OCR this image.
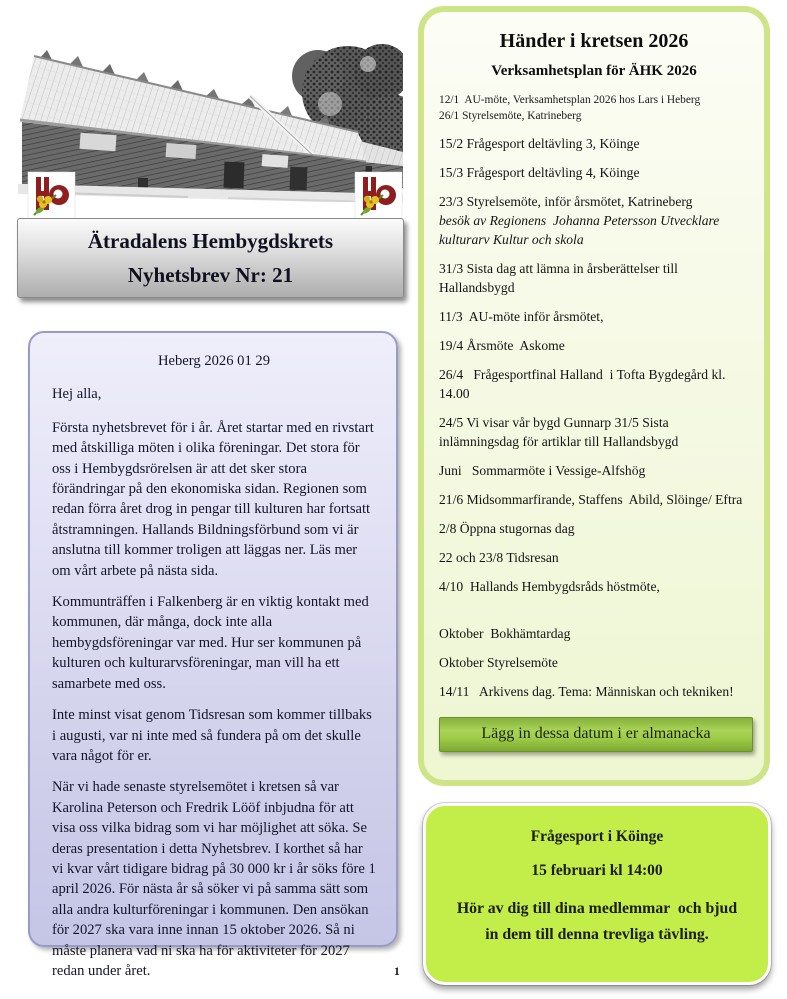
Ätradalens Hembygdskrets
Nyhetsbrev Nr: 21
Heberg 2026 01 29
Hej alla,
Första nyhetsbrevet för i år. Året startar med en rivstart med åtskilliga möten i olika föreningar. Det stora för oss i Hembygdsrörelsen är att det sker stora förändringar på den ekonomiska sidan. Regionen som redan förra året drog in pengar till kulturen har fortsatt åtstramningen. Hallands Bildningsförbund som vi är anslutna till kommer troligen att läggas ner. Läs mer om vårt arbete på nästa sida.
Kommunträffen i Falkenberg är en viktig kontakt med kommunen, där många, dock inte alla hembygdsföreningar var med. Hur ser kommunen på kulturen och kulturarvsföreningar, man vill ha ett samarbete med oss.
Inte minst visat genom Tidsresan som kommer tillbaks i augusti, var ni inte med så fundera på om det skulle vara något för er.
När vi hade senaste styrelsemötet i kretsen så var Karolina Peterson och Fredrik Lööf inbjudna för att visa oss vilka bidrag som vi har möjlighet att söka. Se deras presentation i detta Nyhetsbrev. I korthet så har vi kvar vårt tidigare bidrag på 30 000 kr i år söks före 1 april 2026. För nästa år så söker vi på samma sätt som alla andra kulturföreningar i kommunen. Den ansökan för 2027 ska vara inne innan 15 oktober 2026. Så ni måste planera vad ni ska ha för aktiviteter för 2027 redan under året.
Händer i kretsen 2026
Verksamhetsplan för ÄHK 2026
12/1  AU-möte, Verksamhetsplan 2026 hos Lars i Heberg
26/1 Styrelsemöte, Katrineberg
15/2 Frågesport deltävling 3, Köinge
15/3 Frågesport deltävling 4, Köinge
23/3 Styrelsemöte, inför årsmötet, Katrineberg
besök av Regionens  Johanna Petersson Utvecklare kulturarv Kultur och skola
31/3 Sista dag att lämna in årsberättelser till Hallandsbygd
11/3  AU-möte inför årsmötet,
19/4 Årsmöte  Askome
26/4   Frågesportfinal Halland  i Tofta Bygdegård kl. 14.00
24/5 Vi visar vår bygd Gunnarp 31/5 Sista inlämningsdag för artiklar till Hallandsbygd
Juni   Sommarmöte i Vessige-Alfshög
21/6 Midsommarfirande, Staffens  Abild, Slöinge/ Eftra
2/8 Öppna stugornas dag
22 och 23/8 Tidsresan
4/10  Hallands Hembygdsråds höstmöte,
Oktober  Bokhämtardag
Oktober Styrelsemöte
14/11   Arkivens dag. Tema: Människan och tekniken!
Lägg in dessa datum i er almanacka
Frågesport i Köinge
15 februari kl 14:00
Hör av dig till dina medlemmar  och bjud in dem till denna trevliga tävling.
1
